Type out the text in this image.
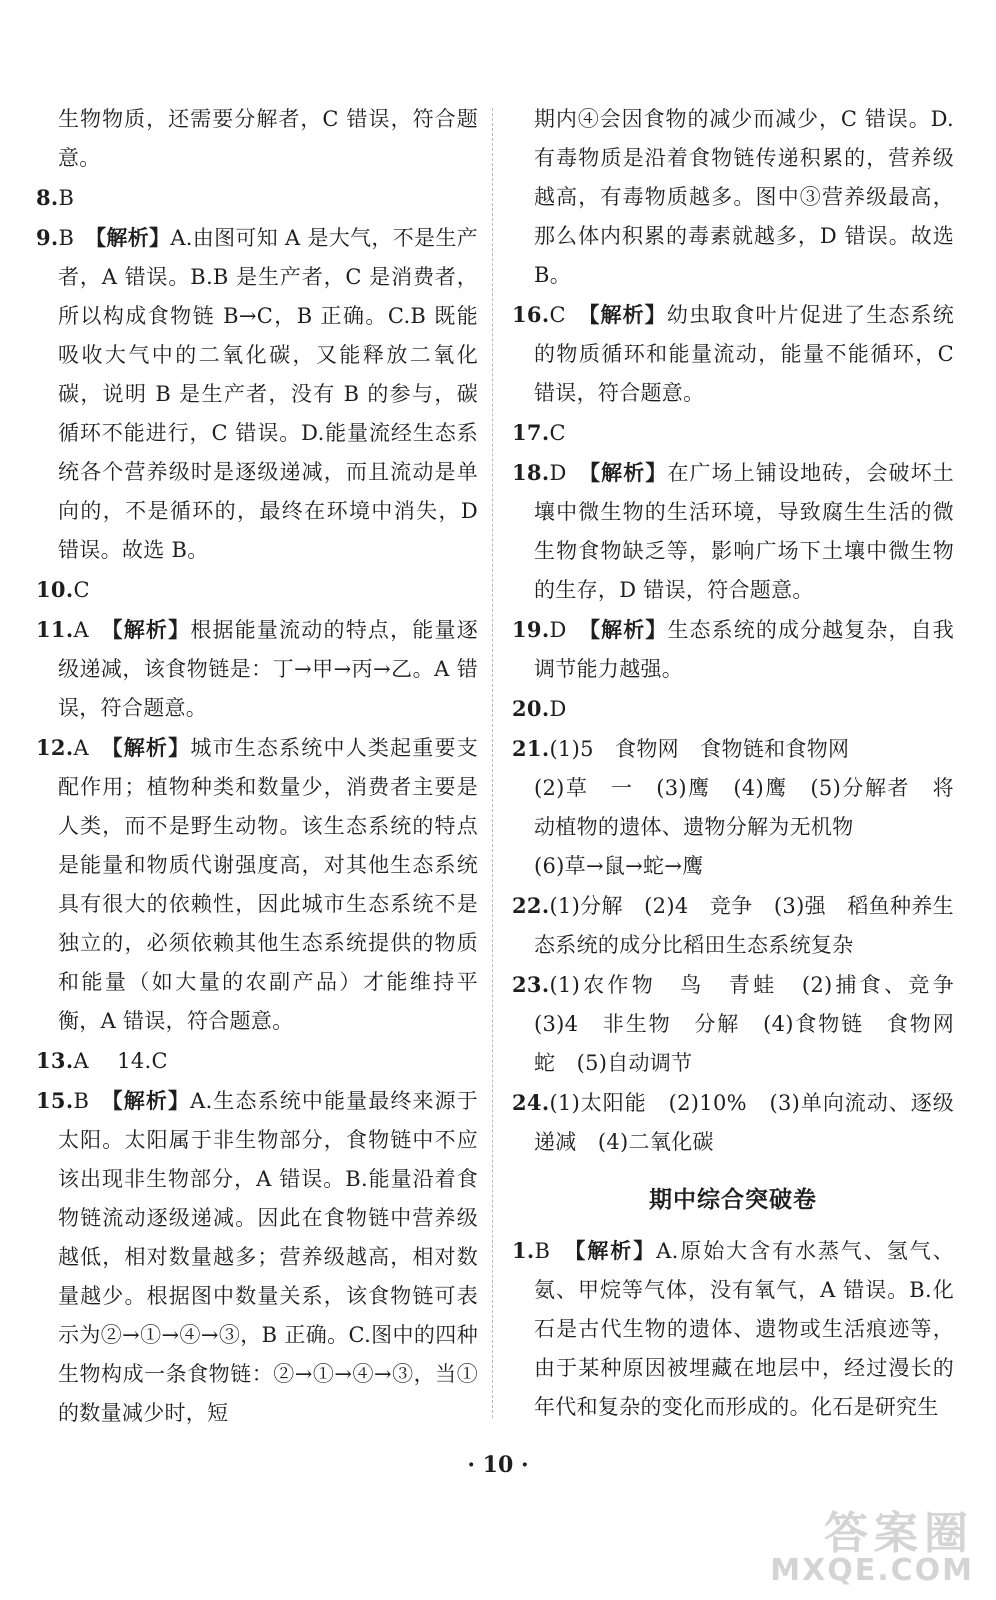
生物物质，还需要分解者，C 错误，符合题意。
8.B
9.B　【解析】A.由图可知 A 是大气，不是生产者，A 错误。B.B 是生产者，C 是消费者，所以构成食物链 B→C，B 正确。C.B 既能吸收大气中的二氧化碳，又能释放二氧化碳，说明 B 是生产者，没有 B 的参与，碳循环不能进行，C 错误。D.能量流经生态系统各个营养级时是逐级递减，而且流动是单向的，不是循环的，最终在环境中消失，D 错误。故选 B。
10.C
11.A　【解析】根据能量流动的特点，能量逐级递减，该食物链是：丁→甲→丙→乙。A 错误，符合题意。
12.A　【解析】城市生态系统中人类起重要支配作用；植物种类和数量少，消费者主要是人类，而不是野生动物。该生态系统的特点是能量和物质代谢强度高，对其他生态系统具有很大的依赖性，因此城市生态系统不是独立的，必须依赖其他生态系统提供的物质和能量（如大量的农副产品）才能维持平衡，A 错误，符合题意。
13.A　 14.C
15.B　【解析】A.生态系统中能量最终来源于太阳。太阳属于非生物部分，食物链中不应该出现非生物部分，A 错误。B.能量沿着食物链流动逐级递减。因此在食物链中营养级越低，相对数量越多；营养级越高，相对数量越少。根据图中数量关系，该食物链可表示为②→①→④→③，B 正确。C.图中的四种生物构成一条食物链：②→①→④→③，当①的数量减少时，短
期内④会因食物的减少而减少，C 错误。D.有毒物质是沿着食物链传递积累的，营养级越高，有毒物质越多。图中③营养级最高，那么体内积累的毒素就越多，D 错误。故选 B。
16.C　【解析】幼虫取食叶片促进了生态系统的物质循环和能量流动，能量不能循环，C 错误，符合题意。
17.C
18.D　【解析】在广场上铺设地砖，会破坏土壤中微生物的生活环境，导致腐生生活的微生物食物缺乏等，影响广场下土壤中微生物的生存，D 错误，符合题意。
19.D　【解析】生态系统的成分越复杂，自我调节能力越强。
20.D
21.(1)5　食物网　食物链和食物网
(2)草　一　(3)鹰　(4)鹰　(5)分解者　将动植物的遗体、遗物分解为无机物
(6)草→鼠→蛇→鹰
22.(1)分解　(2)4　竞争　(3)强　稻鱼种养生态系统的成分比稻田生态系统复杂
23.(1)农作物　鸟　青蛙　(2)捕食、竞争　(3)4　非生物　分解　(4)食物链　食物网　蛇　(5)自动调节
24.(1)太阳能　(2)10%　(3)单向流动、逐级递减　(4)二氧化碳
期中综合突破卷
1.B　【解析】A.原始大含有水蒸气、氢气、氨、甲烷等气体，没有氧气，A 错误。B.化石是古代生物的遗体、遗物或生活痕迹等，由于某种原因被埋藏在地层中，经过漫长的年代和复杂的变化而形成的。化石是研究生
· 10 ·
答案圈
MXQE.COM
